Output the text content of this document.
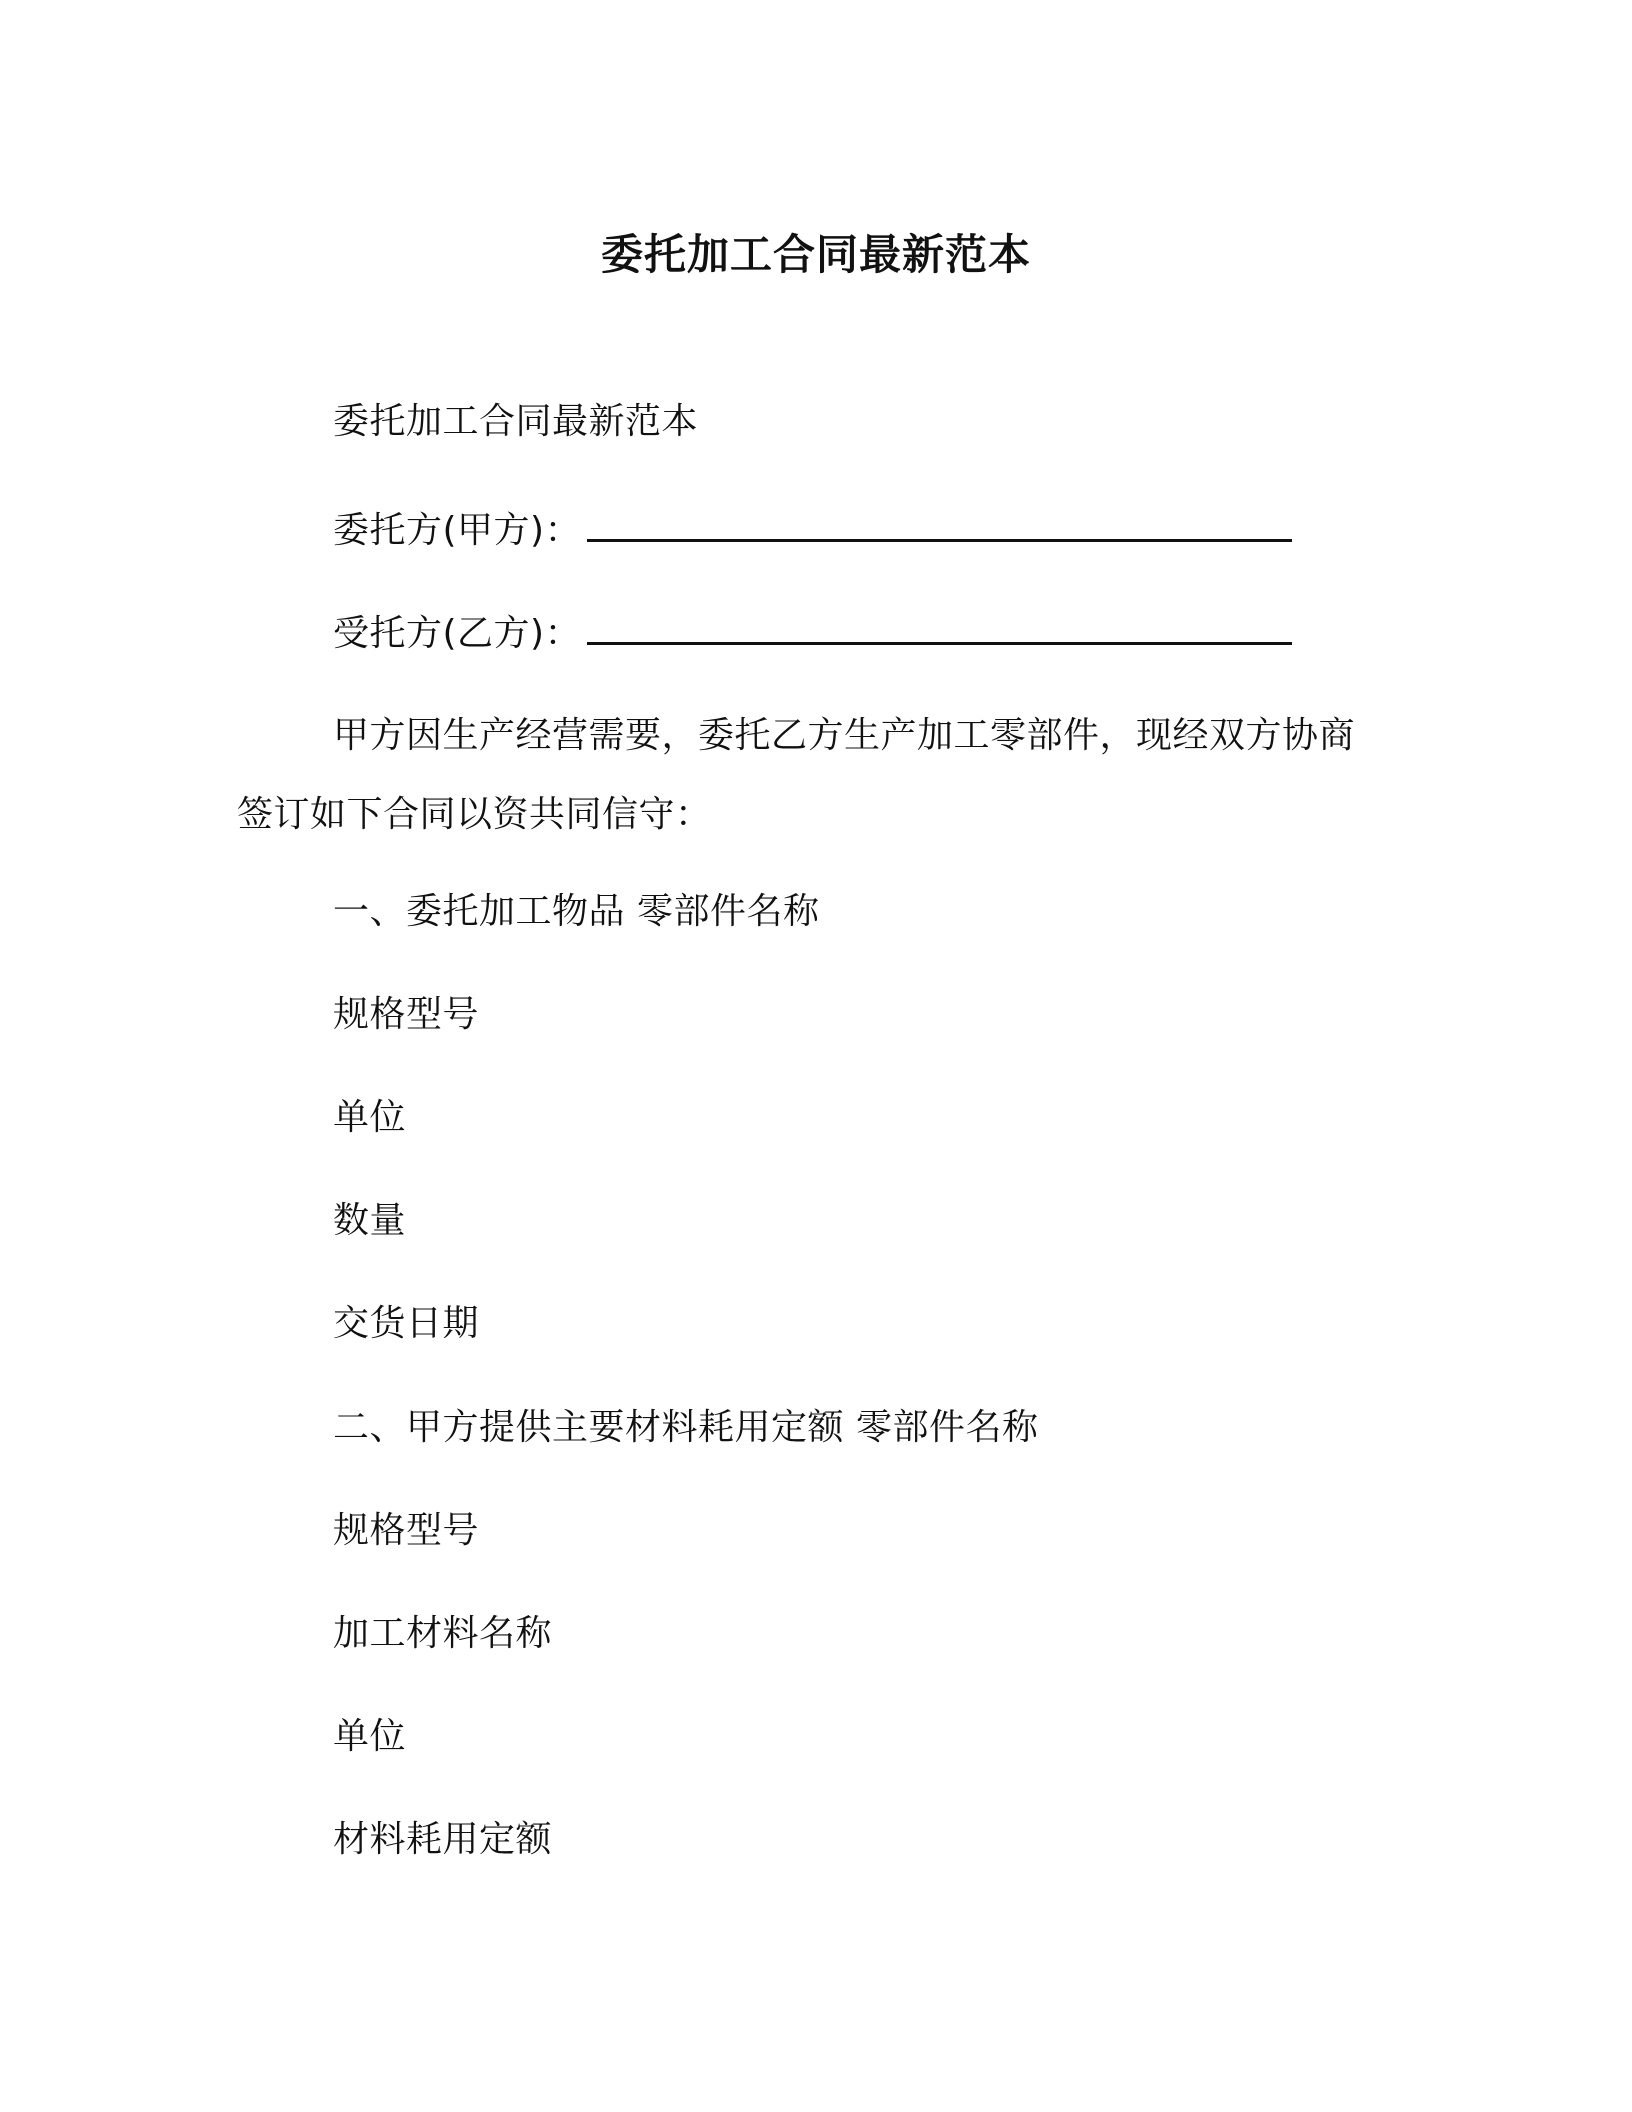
委托加工合同最新范本
委托加工合同最新范本
委托方(甲方)：
受托方(乙方)：
甲方因生产经营需要，委托乙方生产加工零部件，现经双方协商签订如下合同以资共同信守：
一、委托加工物品 零部件名称
规格型号
单位
数量
交货日期
二、甲方提供主要材料耗用定额 零部件名称
规格型号
加工材料名称
单位
材料耗用定额
